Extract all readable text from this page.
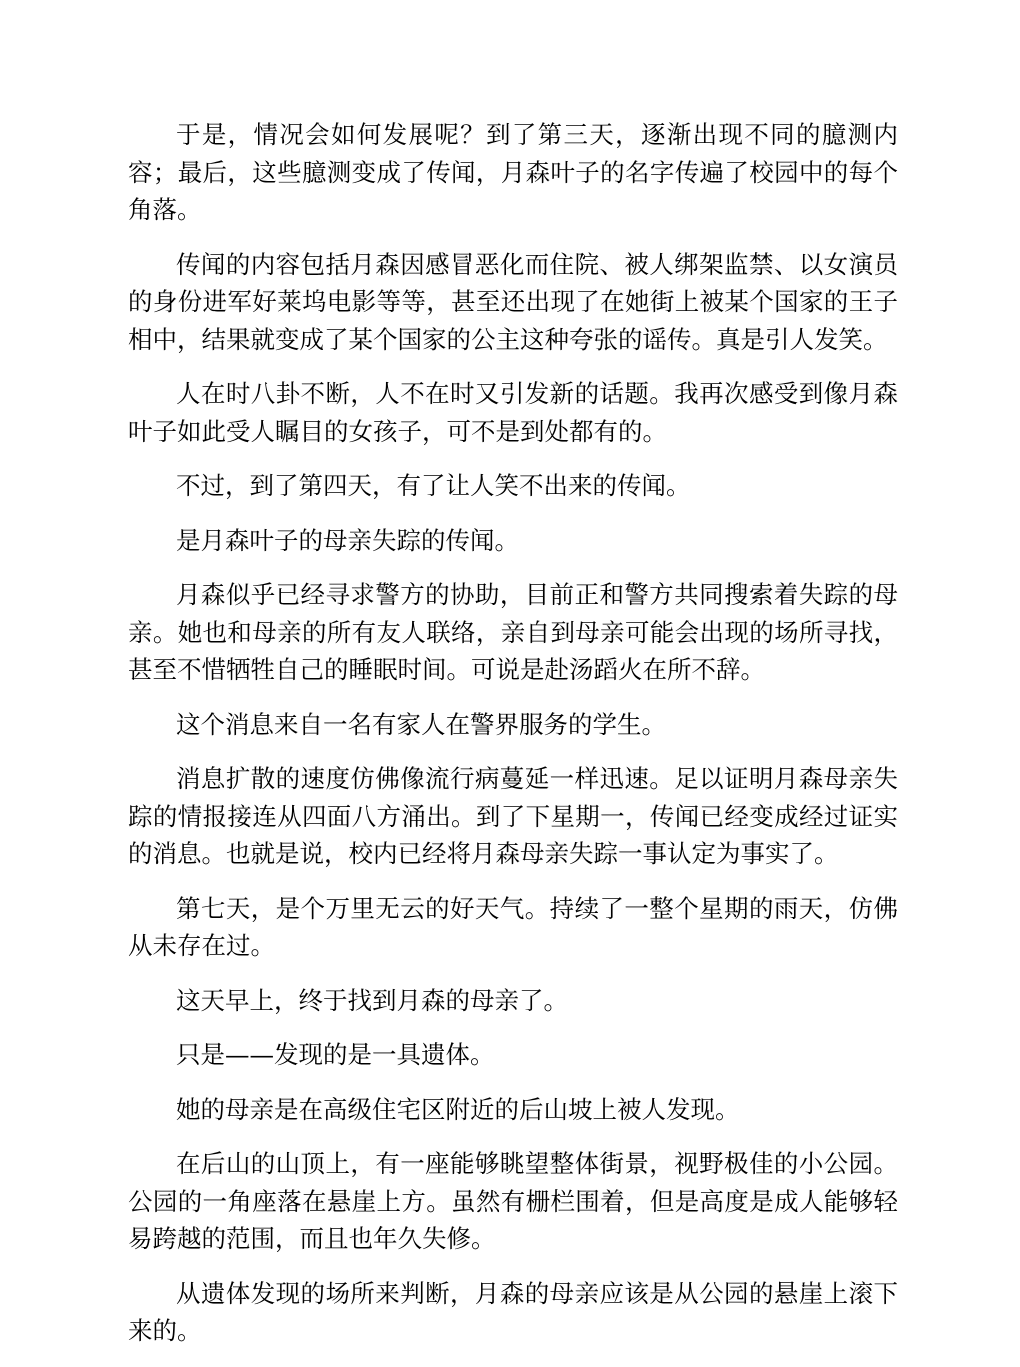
于是，情况会如何发展呢？到了第三天，逐渐出现不同的臆测内容；最后，这些臆测变成了传闻，月森叶子的名字传遍了校园中的每个角落。

传闻的内容包括月森因感冒恶化而住院、被人绑架监禁、以女演员的身份进军好莱坞电影等等，甚至还出现了在她街上被某个国家的王子相中，结果就变成了某个国家的公主这种夸张的谣传。真是引人发笑。

人在时八卦不断，人不在时又引发新的话题。我再次感受到像月森叶子如此受人瞩目的女孩子，可不是到处都有的。

不过，到了第四天，有了让人笑不出来的传闻。

是月森叶子的母亲失踪的传闻。

月森似乎已经寻求警方的协助，目前正和警方共同搜索着失踪的母亲。她也和母亲的所有友人联络，亲自到母亲可能会出现的场所寻找，甚至不惜牺牲自己的睡眠时间。可说是赴汤蹈火在所不辞。

这个消息来自一名有家人在警界服务的学生。

消息扩散的速度仿佛像流行病蔓延一样迅速。足以证明月森母亲失踪的情报接连从四面八方涌出。到了下星期一，传闻已经变成经过证实的消息。也就是说，校内已经将月森母亲失踪一事认定为事实了。

第七天，是个万里无云的好天气。持续了一整个星期的雨天，仿佛从未存在过。

这天早上，终于找到月森的母亲了。

只是——发现的是一具遗体。

她的母亲是在高级住宅区附近的后山坡上被人发现。

在后山的山顶上，有一座能够眺望整体街景，视野极佳的小公园。公园的一角座落在悬崖上方。虽然有栅栏围着，但是高度是成人能够轻易跨越的范围，而且也年久失修。

从遗体发现的场所来判断，月森的母亲应该是从公园的悬崖上滚下来的。
